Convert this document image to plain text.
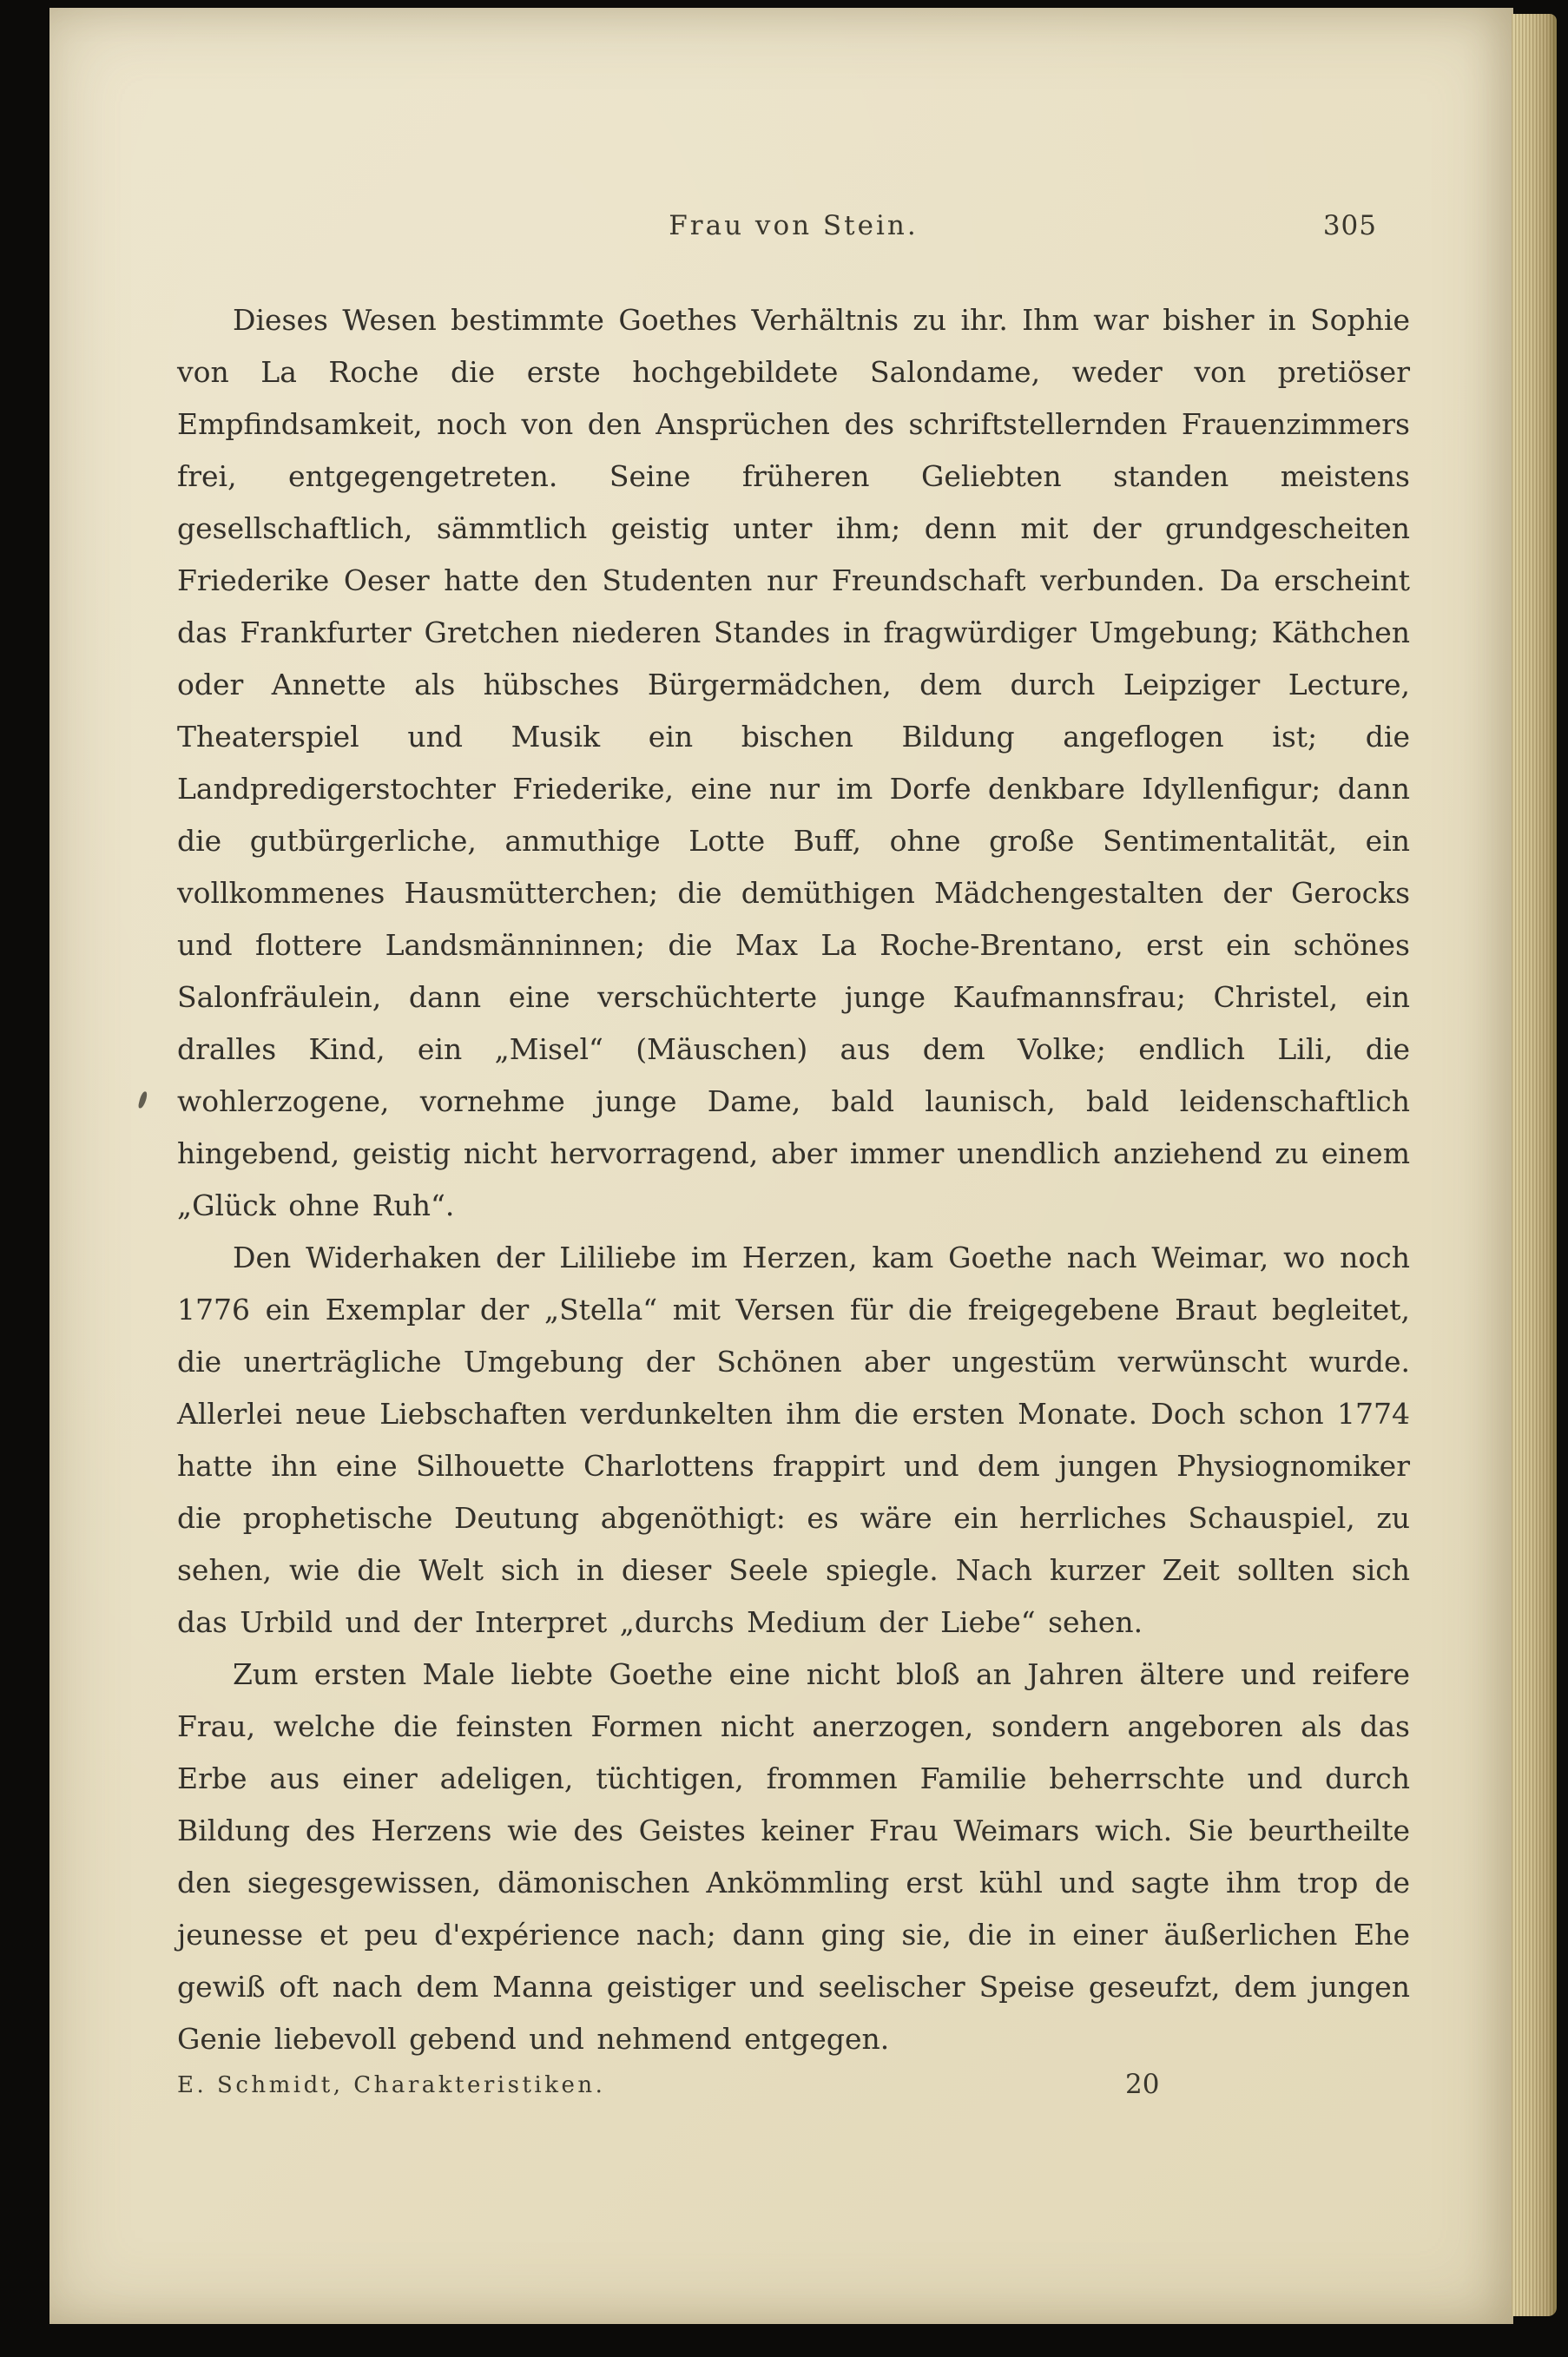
Frau von Stein.	305

Dieses Wesen bestimmte Goethes Verhältnis zu ihr. Ihm war bisher in Sophie von La Roche die erste hochgebildete Salondame, weder von pretiöser Empfindsamkeit, noch von den Ansprüchen des schriftstellernden Frauenzimmers frei, entgegengetreten. Seine früheren Geliebten standen meistens gesellschaftlich, sämmtlich geistig unter ihm; denn mit der grundgescheiten Friederike Oeser hatte den Studenten nur Freundschaft verbunden. Da erscheint das Frankfurter Gretchen niederen Standes in fragwürdiger Umgebung; Käthchen oder Annette als hübsches Bürgermädchen, dem durch Leipziger Lecture, Theaterspiel und Musik ein bischen Bildung angeflogen ist; die Landpredigerstochter Friederike, eine nur im Dorfe denkbare Idyllenfigur; dann die gutbürgerliche, anmuthige Lotte Buff, ohne große Sentimentalität, ein vollkommenes Hausmütterchen; die demüthigen Mädchengestalten der Gerocks und flottere Landsmänninnen; die Max La Roche-Brentano, erst ein schönes Salonfräulein, dann eine verschüchterte junge Kaufmannsfrau; Christel, ein dralles Kind, ein „Misel“ (Mäuschen) aus dem Volke; endlich Lili, die wohlerzogene, vornehme junge Dame, bald launisch, bald leidenschaftlich hingebend, geistig nicht hervorragend, aber immer unendlich anziehend zu einem „Glück ohne Ruh“.

Den Widerhaken der Lililiebe im Herzen, kam Goethe nach Weimar, wo noch 1776 ein Exemplar der „Stella“ mit Versen für die freigegebene Braut begleitet, die unerträgliche Umgebung der Schönen aber ungestüm verwünscht wurde. Allerlei neue Liebschaften verdunkelten ihm die ersten Monate. Doch schon 1774 hatte ihn eine Silhouette Charlottens frappirt und dem jungen Physiognomiker die prophetische Deutung abgenöthigt: es wäre ein herrliches Schauspiel, zu sehen, wie die Welt sich in dieser Seele spiegle. Nach kurzer Zeit sollten sich das Urbild und der Interpret „durchs Medium der Liebe“ sehen.

Zum ersten Male liebte Goethe eine nicht bloß an Jahren ältere und reifere Frau, welche die feinsten Formen nicht anerzogen, sondern angeboren als das Erbe aus einer adeligen, tüchtigen, frommen Familie beherrschte und durch Bildung des Herzens wie des Geistes keiner Frau Weimars wich. Sie beurtheilte den siegesgewissen, dämonischen Ankömmling erst kühl und sagte ihm trop de jeunesse et peu d'expérience nach; dann ging sie, die in einer äußerlichen Ehe gewiß oft nach dem Manna geistiger und seelischer Speise geseufzt, dem jungen Genie liebevoll gebend und nehmend entgegen.

E. Schmidt, Charakteristiken.	20
